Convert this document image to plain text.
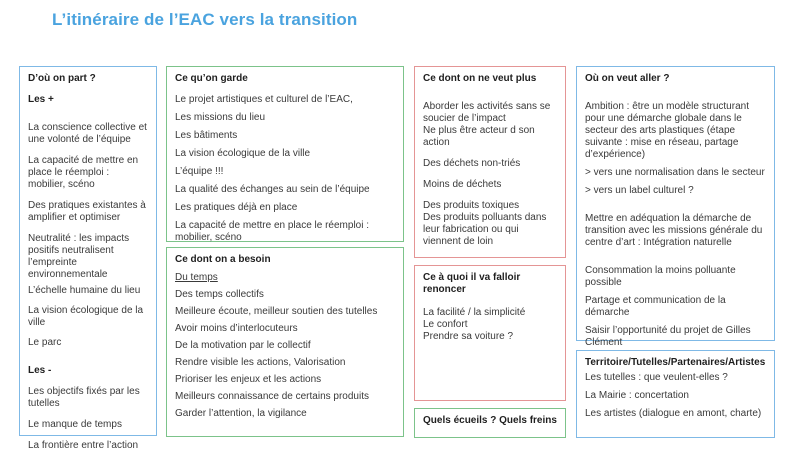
L’itinéraire de l’EAC vers la transition
D’où on part ?

Les +

La conscience collective et une volonté de l’équipe

La capacité de mettre en place le réemploi : mobilier, scéno

Des pratiques existantes à amplifier et optimiser

Neutralité : les impacts positifs neutralisent l’empreinte environnementale

L’échelle humaine du lieu

La vision écologique de la ville

Le parc

Les -

Les objectifs fixés par les tutelles

Le manque de temps

La frontière entre l’action

Ce qu’on garde

Le projet artistiques et culturel de l’EAC,

Les missions du lieu

Les bâtiments

La vision écologique de la ville

L’équipe !!!

La qualité des échanges au sein de l’équipe

Les pratiques déjà en place

La capacité de mettre en place le réemploi : mobilier, scéno

Ce dont on a besoin

Du temps

Des temps collectifs

Meilleure écoute, meilleur soutien des tutelles

Avoir moins d’interlocuteurs

De la motivation par le collectif

Rendre visible les actions, Valorisation

Prioriser les enjeux et les actions

Meilleurs connaissance de certains produits

Garder l’attention, la vigilance

Ce dont on ne veut plus

Aborder les activités sans se soucier de l’impact

Ne plus être acteur d son action

Des déchets non-triés

Moins de déchets

Des produits toxiques

Des produits polluants dans leur fabrication ou qui viennent de loin

Ce à quoi il va falloir renoncer

La facilité / la simplicité

Le confort

Prendre sa voiture ?

Quels écueils ? Quels freins
Où on veut aller ?

Ambition : être un modèle structurant pour une démarche globale dans le secteur des arts plastiques (étape suivante : mise en réseau, partage d’expérience)

> vers une normalisation dans le secteur

> vers un label culturel ?

Mettre en adéquation la démarche de transition avec les missions générale du centre d’art : Intégration naturelle

Consommation la moins polluante possible

Partage et communication de la démarche

Saisir l’opportunité du projet de Gilles Clément

Territoire/Tutelles/Partenaires/Artistes

Les tutelles : que veulent-elles ?

La Mairie : concertation

Les artistes (dialogue en amont, charte)
